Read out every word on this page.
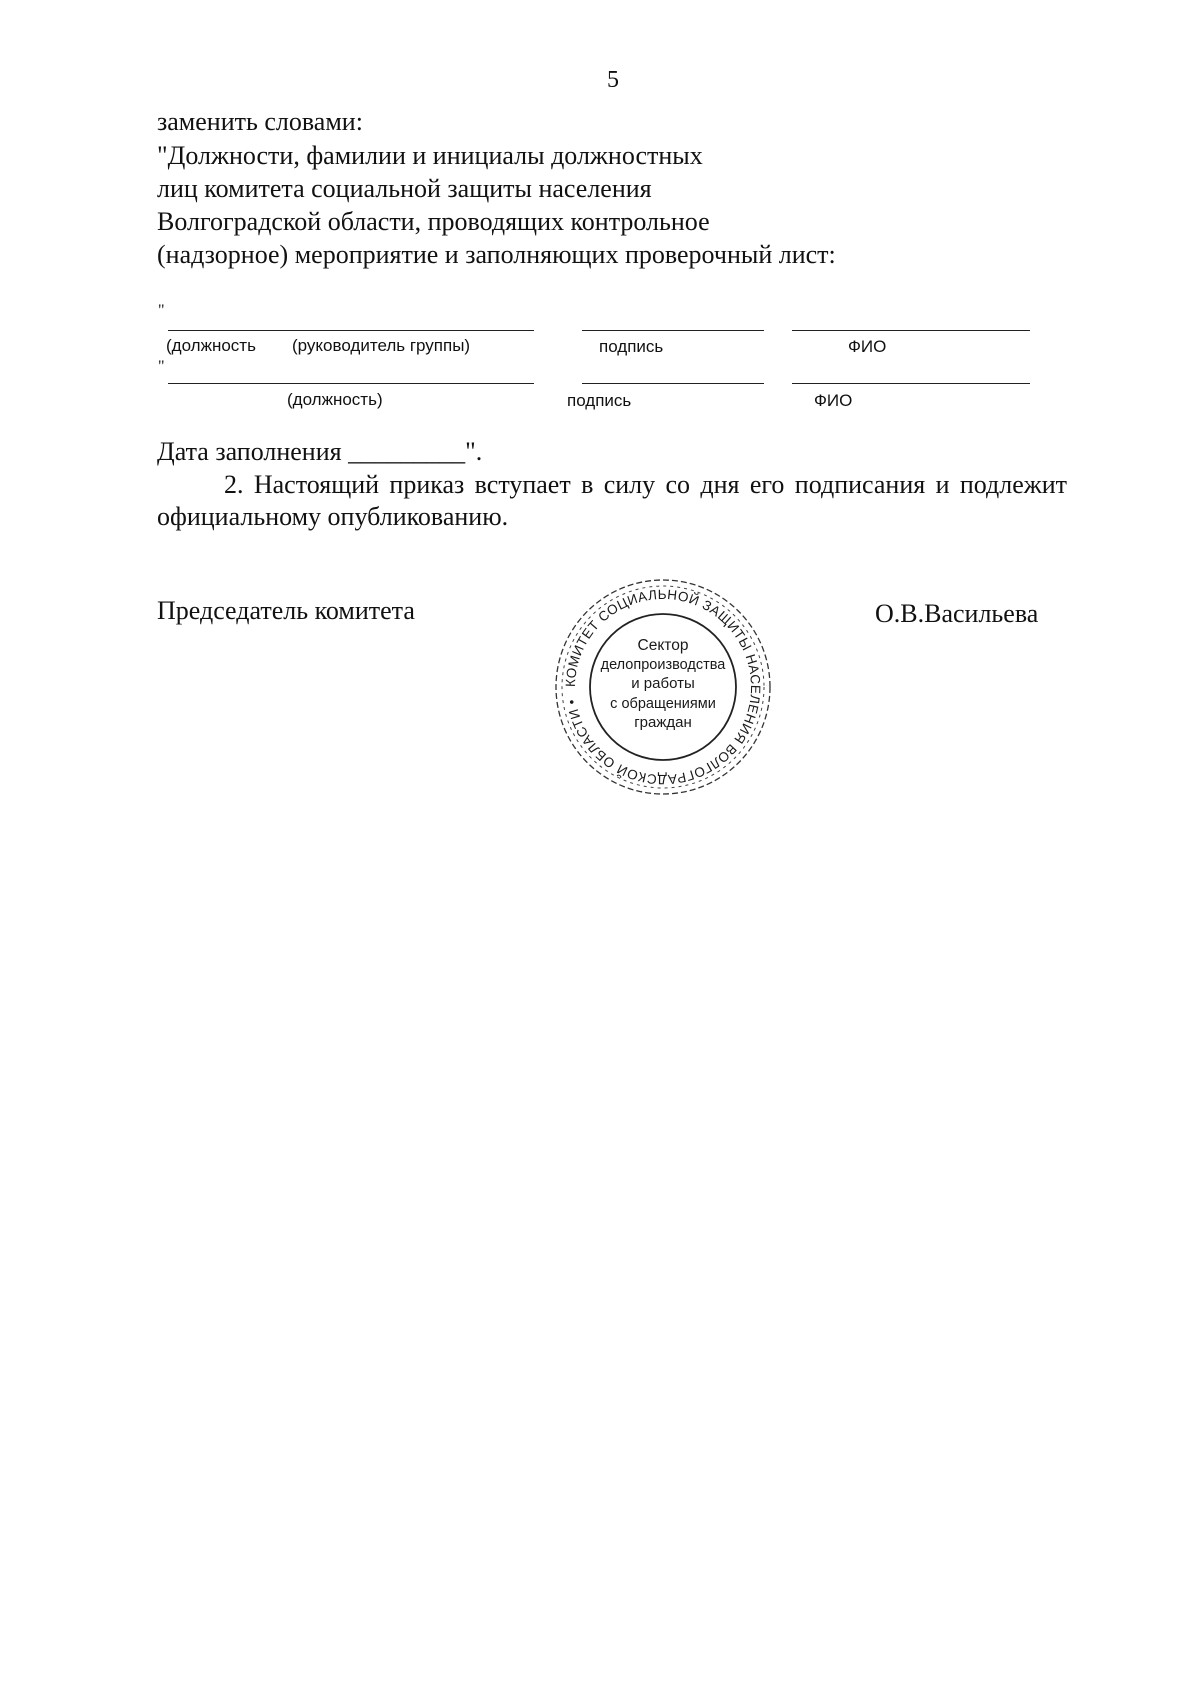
5
заменить словами:
"Должности, фамилии и инициалы должностных
лиц комитета социальной защиты населения
Волгоградской области, проводящих контрольное
(надзорное) мероприятие и заполняющих проверочный лист:
"
(должность (руководитель группы)	подпись	ФИО
"
(должность)	подпись	ФИО
Дата заполнения _________".
2. Настоящий приказ вступает в силу со дня его подписания и подлежит официальному опубликованию.
Председатель комитета	О.В.Васильева
КОМИТЕТ СОЦИАЛЬНОЙ ЗАЩИТЫ НАСЕЛЕНИЯ ВОЛГОГРАДСКОЙ ОБЛАСТИ •
Сектор
делопроизводства
и работы
с обращениями
граждан
